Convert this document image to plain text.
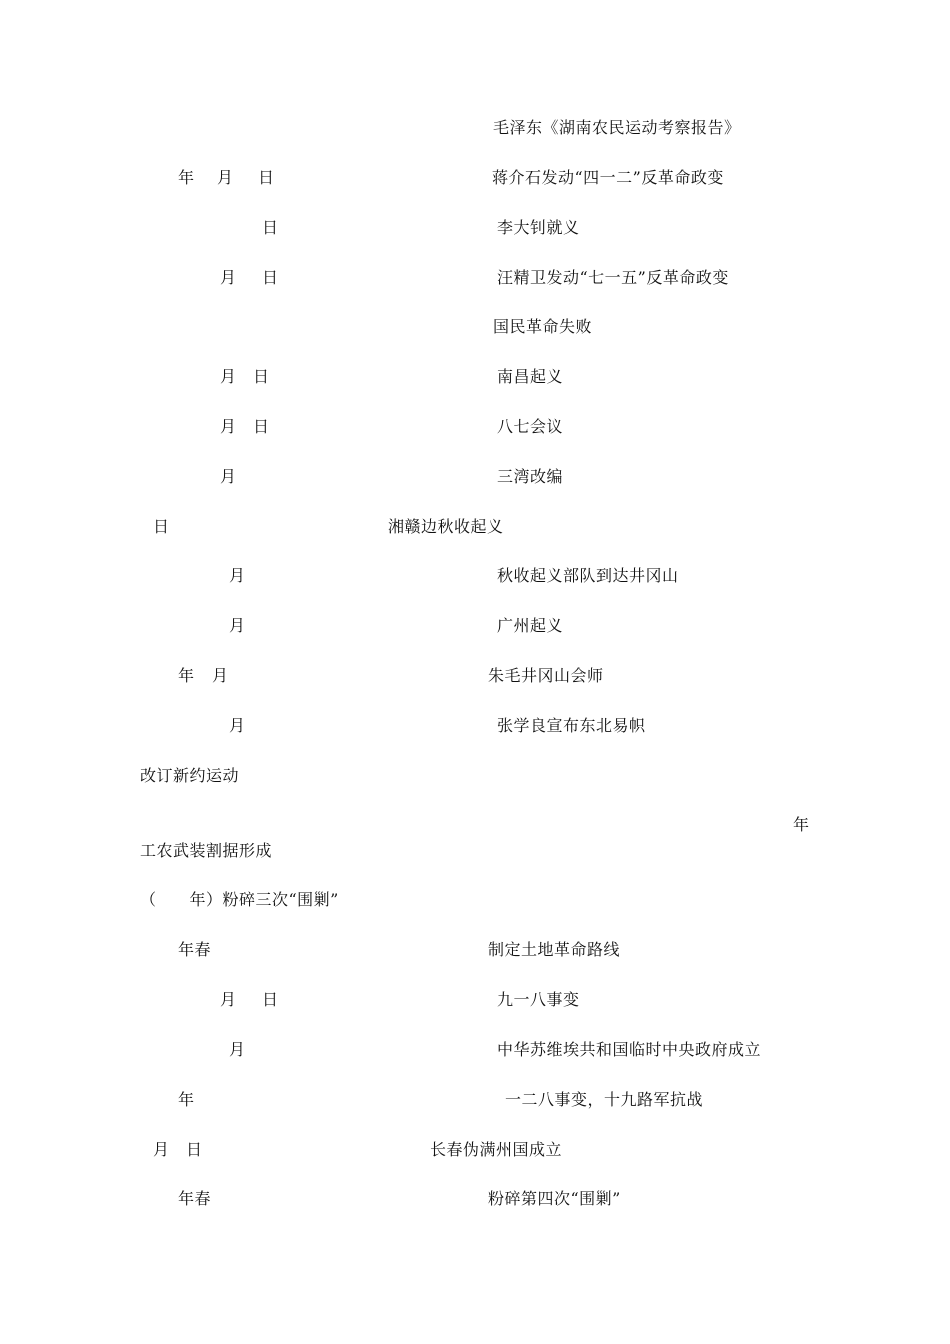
毛泽东《湖南农民运动考察报告》
年 月 日	蒋介石发动“四一二”反革命政变
日	李大钊就义
月 日	汪精卫发动“七一五”反革命政变
国民革命失败
月 日	南昌起义
月 日	八七会议
月	三湾改编
日	湘赣边秋收起义
月	秋收起义部队到达井冈山
月	广州起义
年 月	朱毛井冈山会师
月	张学良宣布东北易帜
改订新约运动
年
工农武装割据形成
（　　年）粉碎三次“围剿”
年春	制定土地革命路线
月 日	九一八事变
月	中华苏维埃共和国临时中央政府成立
年	一二八事变，十九路军抗战
月 日	长春伪满州国成立
年春	粉碎第四次“围剿”
